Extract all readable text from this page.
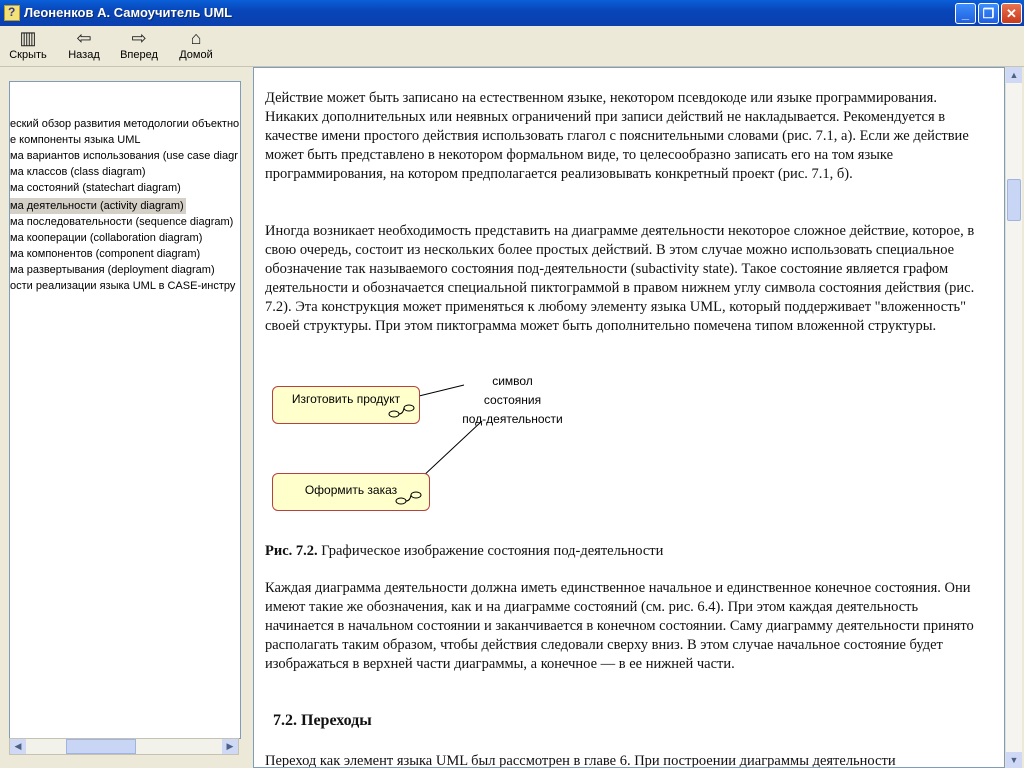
?
Леоненков А. Самоучитель UML	_	❐ ✕
▥
Скрыть
⇦
Назад
⇨
Вперед
⌂
Домой
еский обзор развития методологии объектно
е компоненты языка UML
ма вариантов использования (use case diagr
ма классов (class diagram)
ма состояний (statechart diagram)
ма деятельности (activity diagram)
ма последовательности (sequence diagram)
ма кооперации (collaboration diagram)
ма компонентов (component diagram)
ма развертывания (deployment diagram)
ости реализации языка UML в CASE-инстру
◀	▶
Действие может быть записано на естественном языке, некотором псевдокоде или языке программирования. Никаких дополнительных или неявных ограничений при записи действий не накладывается. Рекомендуется в качестве имени простого действия использовать глагол с пояснительными словами (рис. 7.1, а). Если же действие может быть представлено в некотором формальном виде, то целесообразно записать его на том языке программирования, на котором предполагается реализовывать конкретный проект (рис. 7.1, б).
Иногда возникает необходимость представить на диаграмме деятельности некоторое сложное действие, которое, в свою очередь, состоит из нескольких более простых действий. В этом случае можно использовать специальное обозначение так называемого состояния под-деятельности (subactivity state). Такое состояние является графом деятельности и обозначается специальной пиктограммой в правом нижнем углу символа состояния действия (рис. 7.2). Эта конструкция может применяться к любому элементу языка UML, который поддерживает "вложенность" своей структуры. При этом пиктограмма может быть дополнительно помечена типом вложенной структуры.
Изготовить продукт
Оформить заказ
символ
состояния
под-деятельности
Рис. 7.2. Графическое изображение состояния под-деятельности
Каждая диаграмма деятельности должна иметь единственное начальное и единственное конечное состояния. Они имеют такие же обозначения, как и на диаграмме состояний (см. рис. 6.4). При этом каждая деятельность начинается в начальном состоянии и заканчивается в конечном состоянии. Саму диаграмму деятельности принято располагать таким образом, чтобы действия следовали сверху вниз. В этом случае начальное состояние будет изображаться в верхней части диаграммы, а конечное — в ее нижней части.
7.2. Переходы
Переход как элемент языка UML был рассмотрен в главе 6. При построении диаграммы деятельности
▲
▼
